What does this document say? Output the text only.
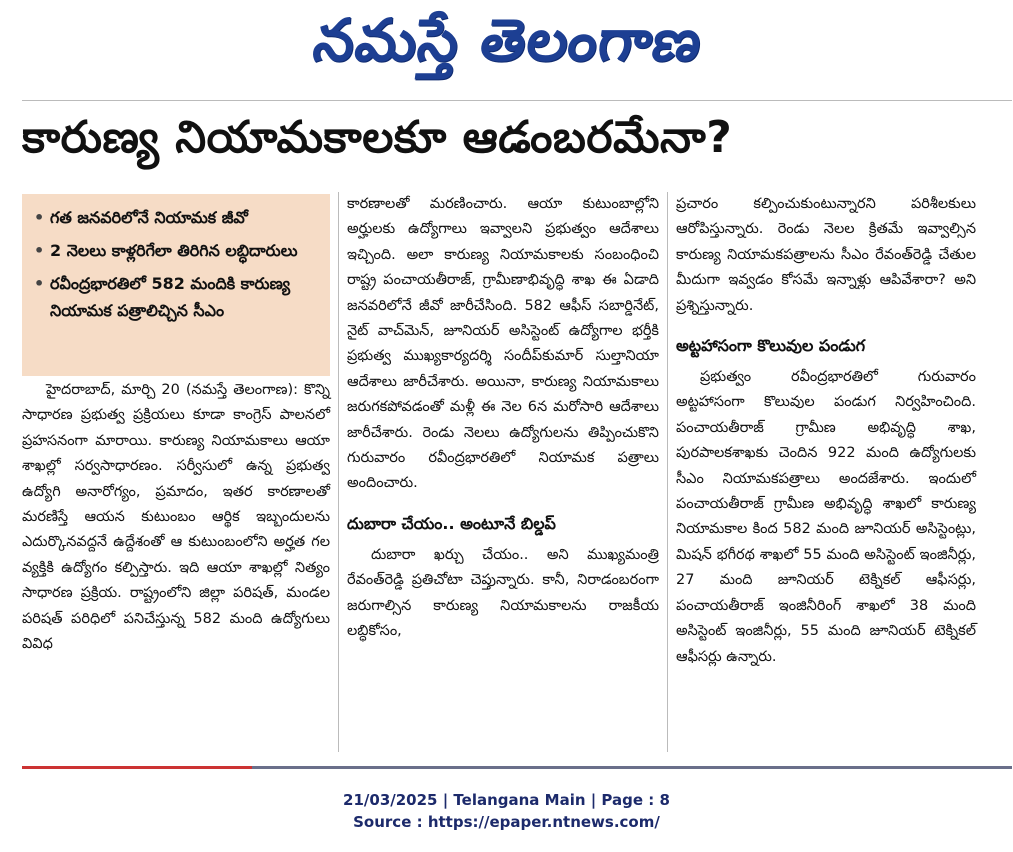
నమస్తే తెలంగాణ
కారుణ్య నియామకాలకూ ఆడంబరమేనా?
• గత జనవరిలోనే నియామక జీవో
• 2 నెలలు కాళ్లరిగేలా తిరిగిన లబ్ధిదారులు
• రవీంద్రభారతిలో 582 మందికి కారుణ్య నియామక పత్రాలిచ్చిన సీఎం

హైదరాబాద్, మార్చి 20 (నమస్తే తెలంగాణ): కొన్ని సాధారణ ప్రభుత్వ ప్రక్రియలు కూడా కాంగ్రెస్ పాలనలో ప్రహసనంగా మారాయి. కారుణ్య నియామకాలు ఆయా శాఖల్లో సర్వసాధారణం. సర్వీసులో ఉన్న ప్రభుత్వ ఉద్యోగి అనారోగ్యం, ప్రమాదం, ఇతర కారణాలతో మరణిస్తే ఆయన కుటుంబం ఆర్థిక ఇబ్బందులను ఎదుర్కొనవద్దనే ఉద్దేశంతో ఆ కుటుంబంలోని అర్హత గల వ్యక్తికి ఉద్యోగం కల్పిస్తారు. ఇది ఆయా శాఖల్లో నిత్యం సాధారణ ప్రక్రియ. రాష్ట్రంలోని జిల్లా పరిషత్, మండల పరిషత్ పరిధిలో పనిచేస్తున్న 582 మంది ఉద్యోగులు వివిధ

కారణాలతో మరణించారు. ఆయా కుటుంబాల్లోని అర్హులకు ఉద్యోగాలు ఇవ్వాలని ప్రభుత్వం ఆదేశాలు ఇచ్చింది. అలా కారుణ్య నియామకాలకు సంబంధించి రాష్ట్ర పంచాయతీరాజ్, గ్రామీణాభివృద్ధి శాఖ ఈ ఏడాది జనవరిలోనే జీవో జారీచేసింది. 582 ఆఫీస్ సబార్డినేట్, నైట్ వాచ్‌మెన్, జూనియర్ అసిస్టెంట్ ఉద్యోగాల భర్తీకి ప్రభుత్వ ముఖ్యకార్యదర్శి సందీప్‌కుమార్ సుల్తానియా ఆదేశాలు జారీచేశారు. అయినా, కారుణ్య నియామకాలు జరుగకపోవడంతో మళ్లీ ఈ నెల 6న మరోసారి ఆదేశాలు జారీచేశారు. రెండు నెలలు ఉద్యోగులను తిప్పించుకొని గురువారం రవీంద్రభారతిలో నియామక పత్రాలు అందించారు.

దుబారా చేయం.. అంటూనే బిల్డప్

దుబారా ఖర్చు చేయం.. అని ముఖ్యమంత్రి రేవంత్‌రెడ్డి ప్రతిచోటా చెప్తున్నారు. కానీ, నిరాడంబరంగా జరుగాల్సిన కారుణ్య నియామకాలను రాజకీయ లబ్ధికోసం,

ప్రచారం కల్పించుకుంటున్నారని పరిశీలకులు ఆరోపిస్తున్నారు. రెండు నెలల క్రితమే ఇవ్వాల్సిన కారుణ్య నియామకపత్రాలను సీఎం రేవంత్‌రెడ్డి చేతుల మీదుగా ఇవ్వడం కోసమే ఇన్నాళ్లు ఆపివేశారా? అని ప్రశ్నిస్తున్నారు.

అట్టహాసంగా కొలువుల పండుగ

ప్రభుత్వం రవీంద్రభారతిలో గురువారం అట్టహాసంగా కొలువుల పండుగ నిర్వహించింది. పంచాయతీరాజ్ గ్రామీణ అభివృద్ధి శాఖ, పురపాలకశాఖకు చెందిన 922 మంది ఉద్యోగులకు సీఎం నియామకపత్రాలు అందజేశారు. ఇందులో పంచాయతీరాజ్ గ్రామీణ అభివృద్ధి శాఖలో కారుణ్య నియామకాల కింద 582 మంది జూనియర్ అసిస్టెంట్లు, మిషన్ భగీరథ శాఖలో 55 మంది అసిస్టెంట్ ఇంజినీర్లు, 27 మంది జూనియర్ టెక్నికల్ ఆఫీసర్లు, పంచాయతీరాజ్ ఇంజినీరింగ్ శాఖలో 38 మంది అసిస్టెంట్ ఇంజినీర్లు, 55 మంది జూనియర్ టెక్నికల్ ఆఫీసర్లు ఉన్నారు.

21/03/2025 | Telangana Main | Page : 8
Source : https://epaper.ntnews.com/
